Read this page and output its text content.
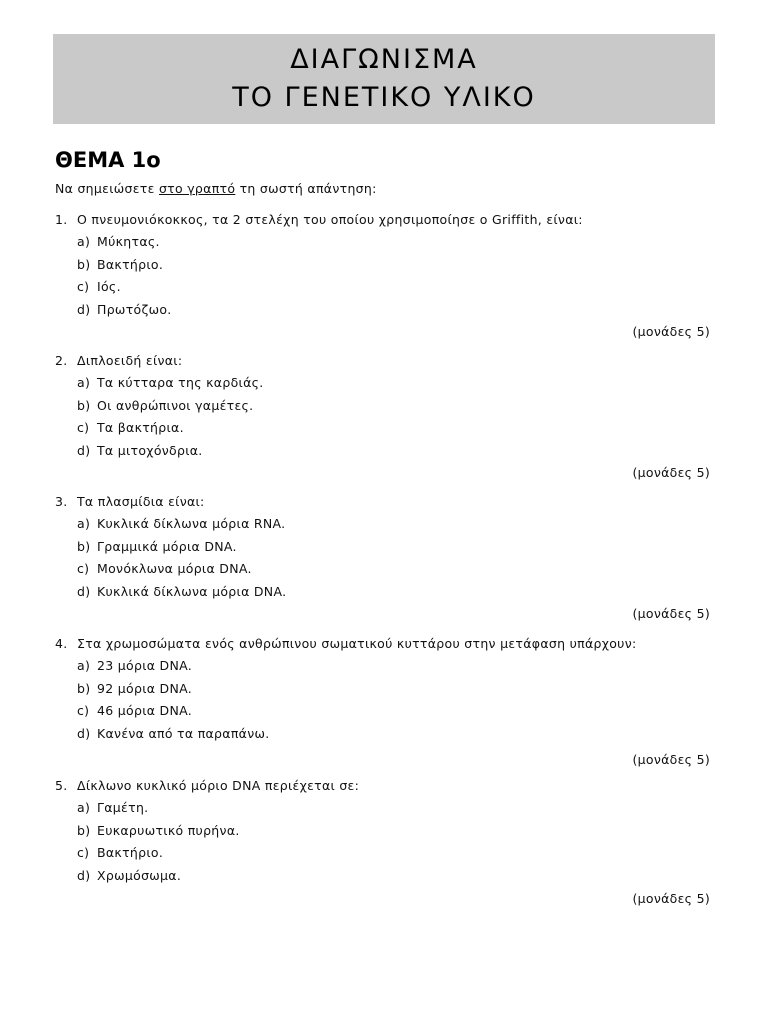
ΔΙΑΓΩΝΙΣΜΑ
ΤΟ ΓΕΝΕΤΙΚΟ ΥΛΙΚΟ
ΘΕΜΑ 1ο
Να σημειώσετε στο γραπτό τη σωστή απάντηση:
1. Ο πνευμονιόκοκκος, τα 2 στελέχη του οποίου χρησιμοποίησε ο Griffith, είναι:
a) Μύκητας.
b) Βακτήριο.
c) Ιός.
d) Πρωτόζωο.
(μονάδες 5)
2. Διπλοειδή είναι:
a) Τα κύτταρα της καρδιάς.
b) Οι ανθρώπινοι γαμέτες.
c) Τα βακτήρια.
d) Τα μιτοχόνδρια.
(μονάδες 5)
3. Τα πλασμίδια είναι:
a) Κυκλικά δίκλωνα μόρια RNA.
b) Γραμμικά μόρια DNA.
c) Μονόκλωνα μόρια DNA.
d) Κυκλικά δίκλωνα μόρια DNA.
(μονάδες 5)
4. Στα χρωμοσώματα ενός ανθρώπινου σωματικού κυττάρου στην μετάφαση υπάρχουν:
a) 23 μόρια DNA.
b) 92 μόρια DNA.
c) 46 μόρια DNA.
d) Κανένα από τα παραπάνω.
(μονάδες 5)
5. Δίκλωνο κυκλικό μόριο DNA περιέχεται σε:
a) Γαμέτη.
b) Ευκαρυωτικό πυρήνα.
c) Βακτήριο.
d) Χρωμόσωμα.
(μονάδες 5)
